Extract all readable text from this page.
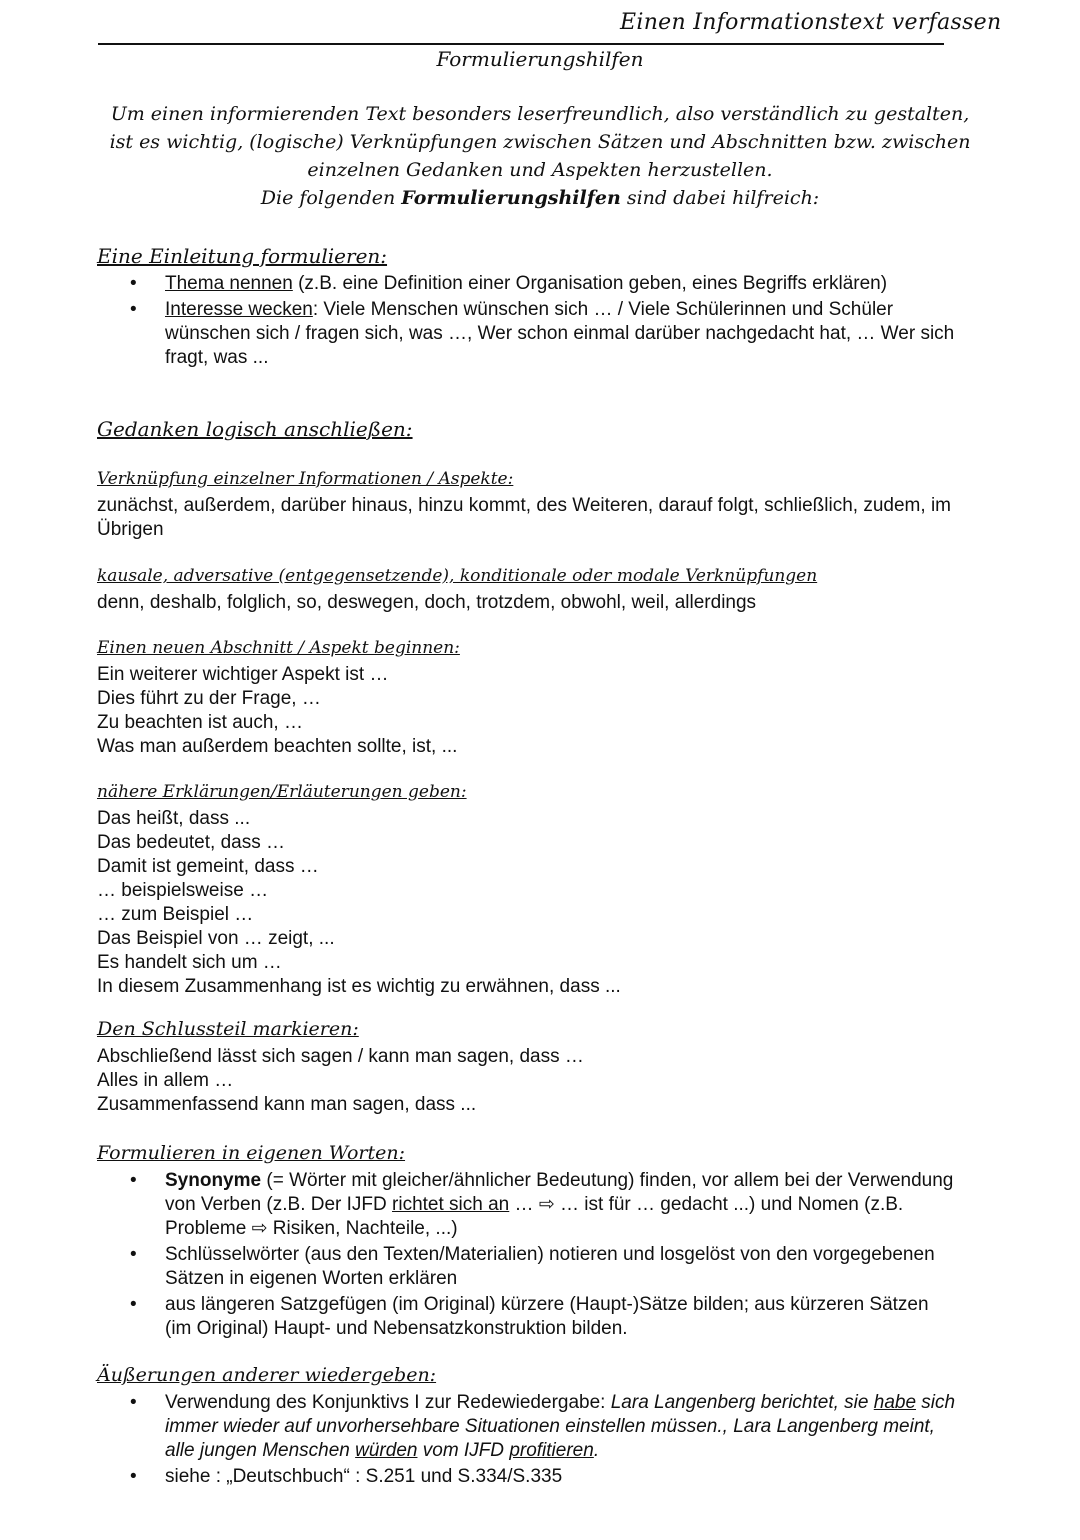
Einen Informationstext verfassen
Formulierungshilfen
Um einen informierenden Text besonders leserfreundlich, also verständlich zu gestalten,
ist es wichtig, (logische) Verknüpfungen zwischen Sätzen und Abschnitten bzw. zwischen
einzelnen Gedanken und Aspekten herzustellen.
Die folgenden Formulierungshilfen sind dabei hilfreich:
Eine Einleitung formulieren:
• Thema nennen (z.B. eine Definition einer Organisation geben, eines Begriffs erklären)
• Interesse wecken: Viele Menschen wünschen sich … / Viele Schülerinnen und Schüler wünschen sich / fragen sich, was …, Wer schon einmal darüber nachgedacht hat, … Wer sich fragt, was ...
Gedanken logisch anschließen:
Verknüpfung einzelner Informationen / Aspekte:

zunächst, außerdem, darüber hinaus, hinzu kommt, des Weiteren, darauf folgt, schließlich, zudem, im Übrigen

kausale, adversative (entgegensetzende), konditionale oder modale Verknüpfungen

denn, deshalb, folglich, so, deswegen, doch, trotzdem, obwohl, weil, allerdings

Einen neuen Abschnitt / Aspekt beginnen:

Ein weiterer wichtiger Aspekt ist …

Dies führt zu der Frage, …

Zu beachten ist auch, …

Was man außerdem beachten sollte, ist, ...

nähere Erklärungen/Erläuterungen geben:

Das heißt, dass ...

Das bedeutet, dass …

Damit ist gemeint, dass …

… beispielsweise …

… zum Beispiel …

Das Beispiel von … zeigt, ...

Es handelt sich um …

In diesem Zusammenhang ist es wichtig zu erwähnen, dass ...

Den Schlussteil markieren:

Abschließend lässt sich sagen / kann man sagen, dass …

Alles in allem …

Zusammenfassend kann man sagen, dass ...

Formulieren in eigenen Worten:
• Synonyme (= Wörter mit gleicher/ähnlicher Bedeutung) finden, vor allem bei der Verwendung von Verben (z.B. Der IJFD richtet sich an … ⇨ … ist für … gedacht ...) und Nomen (z.B. Probleme ⇨ Risiken, Nachteile, ...)
• Schlüsselwörter (aus den Texten/Materialien) notieren und losgelöst von den vorgegebenen Sätzen in eigenen Worten erklären
• aus längeren Satzgefügen (im Original) kürzere (Haupt-)Sätze bilden; aus kürzeren Sätzen (im Original) Haupt- und Nebensatzkonstruktion bilden.
Äußerungen anderer wiedergeben:
• Verwendung des Konjunktivs I zur Redewiedergabe: Lara Langenberg berichtet, sie habe sich immer wieder auf unvorhersehbare Situationen einstellen müssen., Lara Langenberg meint, alle jungen Menschen würden vom IJFD profitieren.
• siehe : „Deutschbuch“ : S.251 und S.334/S.335
